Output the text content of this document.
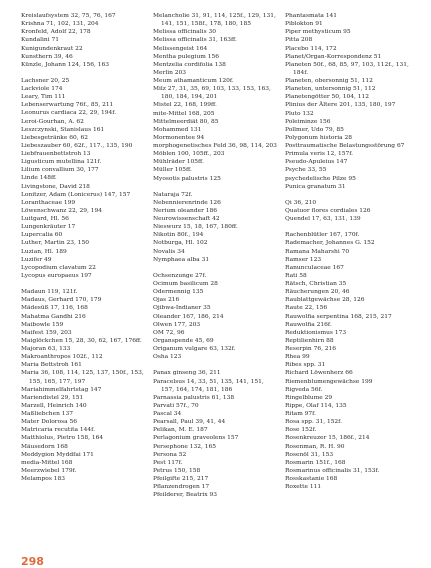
Kreislaufsystem 32, 75, 76, 167
Krishna 71, 102, 131, 204
Kronfeld, Adolf 22, 178
Kundalini 71
Kunigundenkraut 22
Kunsthern 39, 46
Künzle, Johann 124, 156, 163
Lachsner 20, 25
Lackviole 174
Leary, Tim 111
Lebenserwartung 76f., 85, 211
Leonurus cardiaca 22, 29, 194f.
Leroi-Gourhan, A. 62
Leszczynski, Stanislaus 161
Liebesgetränke 60, 62
Liebeszauber 60, 62f., 117., 135, 190
Liebfrauenbettstroh 13
Ligusticum mutellina 121f.
Lilium convallium 30, 177
Linde 148ff.
Livingstone, David 218
Lonitzer, Adam (Lonicerus) 147, 157
Loranthaceae 199
Löwenschwanz 22, 29, 194
Luitgard, Hl. 56
Lungenkräuter 17
Lupercalia 60
Luther, Martin 23, 150
Luzian, Hl. 189
Luzifer 49
Lycopodium clavatum 22
Lycopus europaeus 197
Madaun 119, 121f.
Madaus, Gerhard 170, 179
Mädesüß 17, 116, 168
Mahatma Gandhi 216
Maibowle 159
Maifest 159, 203
Maiglöckchen 15, 28, 30, 62, 167, 176ff.
Majoran 63, 133
Makroanthropos 102f., 112
Maria Bettstroh 161
Maria 36, 108, 114, 125, 137, 150f., 153, 155, 165, 177, 197
Mariahimmelfahrtstag 147
Mariendistel 29, 151
Marzell, Heinrich 140
Maßliebchen 137
Mater Dolorosa 56
Matricaria recutita 144f.
Matthiolus, Pietro 158, 164
Mäusedorn 168
Meddygion Myddfai 171
media-Mittel 168
Meerzwiebel 179f.
Melampos 183
Melancholie 31, 91, 114, 125f., 129, 131, 141, 151, 158f., 178, 180, 185
Melissa officinalis 30
Melissa officinalis 31, 163ff.
Melissengeist 164
Mentha pulegium 156
Mentzelia cordifolia 138
Merlin 203
Meum athamanticum 120f.
Milz 27, 31, 35, 69, 103, 133, 153, 163, 180, 184, 194, 201
Mistel 22, 168, 199ff.
mite-Mittel 168, 205
Mittelmeerdiät 80, 85
Mohammed 131
Mormonentee 94
morphogenetisches Feld 36, 98, 114, 203
Möblen 100, 105ff., 203
Mühlräder 105ff.
Müller 105ff.
Myosotis palustris 125
Nataraja 72f.
Nebennierenrinde 126
Nerium oleander 186
Neurowissenschaft 42
Nieswurz 15, 18, 167, 180ff.
Nikotin 80f., 194
Notburga, Hl. 102
Novalis 34
Nymphaea alba 31
Ochsenzunge 27f.
Ocimum basilicum 28
Odermennig 135
Ojas 216
Ojibwa-Indianer 35
Oleander 167, 186, 214
Olwen 177, 203
OM 72, 96
Organspende 45, 69
Origanum vulgare 63, 132f.
Osha 123
Panax ginseng 36, 211
Paracelsus 14, 33, 51, 135, 141, 151, 157, 164, 174, 181, 186
Parnassia palustris 61, 138
Parvati 57f., 70
Pascal 34
Pearsall, Paul 39, 41, 44
Pelikan, M. E. 187
Perlagonium graveolens 157
Persephone 132, 165
Persona 52
Pest 117f.
Petrus 150, 158
Pfeilgifte 215, 217
Pflanzendrogen 17
Pfeilderer, Beatrix 93
Phantasmata 141
Piblokton 91
Piper methysticum 95
Pitta 208
Placebo 114, 172
Planet/Organ-Korrespondenz 51
Planeten 50f., 68, 85, 97, 103, 112f., 131, 184f.
Planeten, obersonnig 51, 112
Planeten, untersonnig 51, 112
Planetengötter 50, 104, 112
Plinius der Ältere 201, 135, 180, 197
Pluto 132
Poleiminze 156
Pollmer, Udo 79, 85
Polygonum historia 28
Posttraumatische Belastungsstörung 67
Primula veris 12, 157f.
Pseudo-Apuleius 147
Psyche 33, 55
psychedelische Pilze 95
Punica granatum 31
Qi 36, 210
Quatuor flores cordiales 126
Quendel 17, 63, 131, 139
Rachenblütler 167, 170f.
Rademacher, Johannes G. 152
Ramana Maharshi 70
Ramser 123
Ranunculaceae 167
Rati 58
Rätsch, Christian 35
Räucherungen 20, 46
Raublattgewächse 28, 126
Raute 22, 156
Rauwolfia serpentina 168, 215, 217
Rauwolfia 216f.
Reduktionismus 173
Reptilienhirn 88
Reserpin 76, 216
Rhea 99
Ribes spp. 31
Richard Löwenherz 66
Riemenblumengewächse 199
Rigveda 56f.
Ringelblume 29
Rippe, Olaf 114, 135
Ritam 97f.
Rosa spp. 31, 152f.
Rose 152f.
Rosenkreuzer 15, 186f., 214
Rosenman, R. H. 90
Rosenöl 31, 153
Rosmarin 151f., 168
Rosmarinus officinalis 31, 153f.
Rosskastanie 168
Roxette 111
298
